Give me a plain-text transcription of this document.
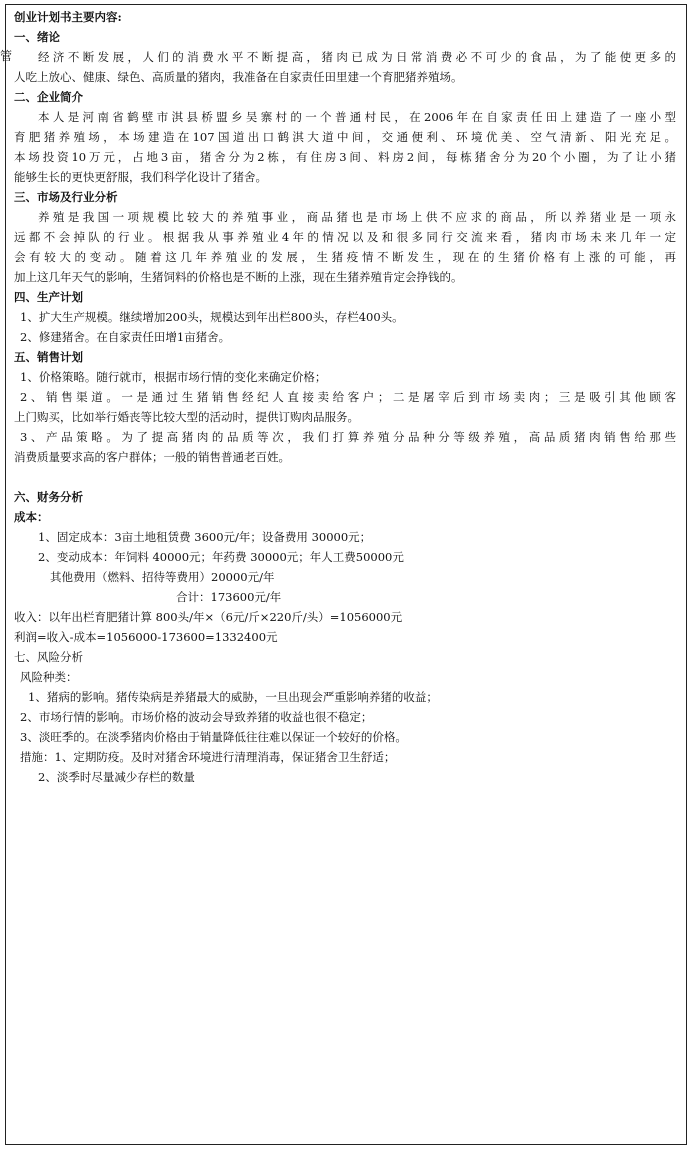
管
创业计划书主要内容:
一、绪论
经济不断发展，人们的消费水平不断提高，猪肉已成为日常消费必不可少的食品，为了能使更多的
人吃上放心、健康、绿色、高质量的猪肉，我准备在自家责任田里建一个育肥猪养殖场。
二、企业简介
本人是河南省鹤壁市淇县桥盟乡吴寨村的一个普通村民，在2006年在自家责任田上建造了一座小型
育肥猪养殖场，本场建造在107国道出口鹤淇大道中间，交通便利、环境优美、空气清新、阳光充足。
本场投资10万元，占地3亩，猪舍分为2栋，有住房3间、料房2间，每栋猪舍分为20个小圈，为了让小猪
能够生长的更快更舒服，我们科学化设计了猪舍。
三、市场及行业分析
养殖是我国一项规模比较大的养殖事业，商品猪也是市场上供不应求的商品，所以养猪业是一项永
远都不会掉队的行业。根据我从事养殖业4年的情况以及和很多同行交流来看，猪肉市场未来几年一定
会有较大的变动。随着这几年养殖业的发展，生猪疫情不断发生，现在的生猪价格有上涨的可能，再
加上这几年天气的影响，生猪饲料的价格也是不断的上涨，现在生猪养殖肯定会挣钱的。
四、生产计划
1、扩大生产规模。继续增加200头，规模达到年出栏800头，存栏400头。
2、修建猪舍。在自家责任田增1亩猪舍。
五、销售计划
1、价格策略。随行就市，根据市场行情的变化来确定价格；
2、销售渠道。一是通过生猪销售经纪人直接卖给客户；二是屠宰后到市场卖肉；三是吸引其他顾客
上门购买，比如举行婚丧等比较大型的活动时，提供订购肉品服务。
3、产品策略。为了提高猪肉的品质等次，我们打算养殖分品种分等级养殖，高品质猪肉销售给那些
消费质量要求高的客户群体；一般的销售普通老百姓。
六、财务分析
成本：
1、固定成本：3亩土地租赁费 3600元/年；设备费用 30000元；
2、变动成本：年饲料 40000元；年药费 30000元；年人工费50000元
其他费用（燃料、招待等费用）20000元/年
合计：173600元/年
收入：以年出栏育肥猪计算 800头/年×（6元/斤×220斤/头）=1056000元
利润=收入-成本=1056000-173600=1332400元
七、风险分析
风险种类：
1、猪病的影响。猪传染病是养猪最大的威胁，一旦出现会严重影响养猪的收益；
2、市场行情的影响。市场价格的波动会导致养猪的收益也很不稳定；
3、淡旺季的。在淡季猪肉价格由于销量降低往往难以保证一个较好的价格。
措施：1、定期防疫。及时对猪舍环境进行清理消毒，保证猪舍卫生舒适；
2、淡季时尽量减少存栏的数量
